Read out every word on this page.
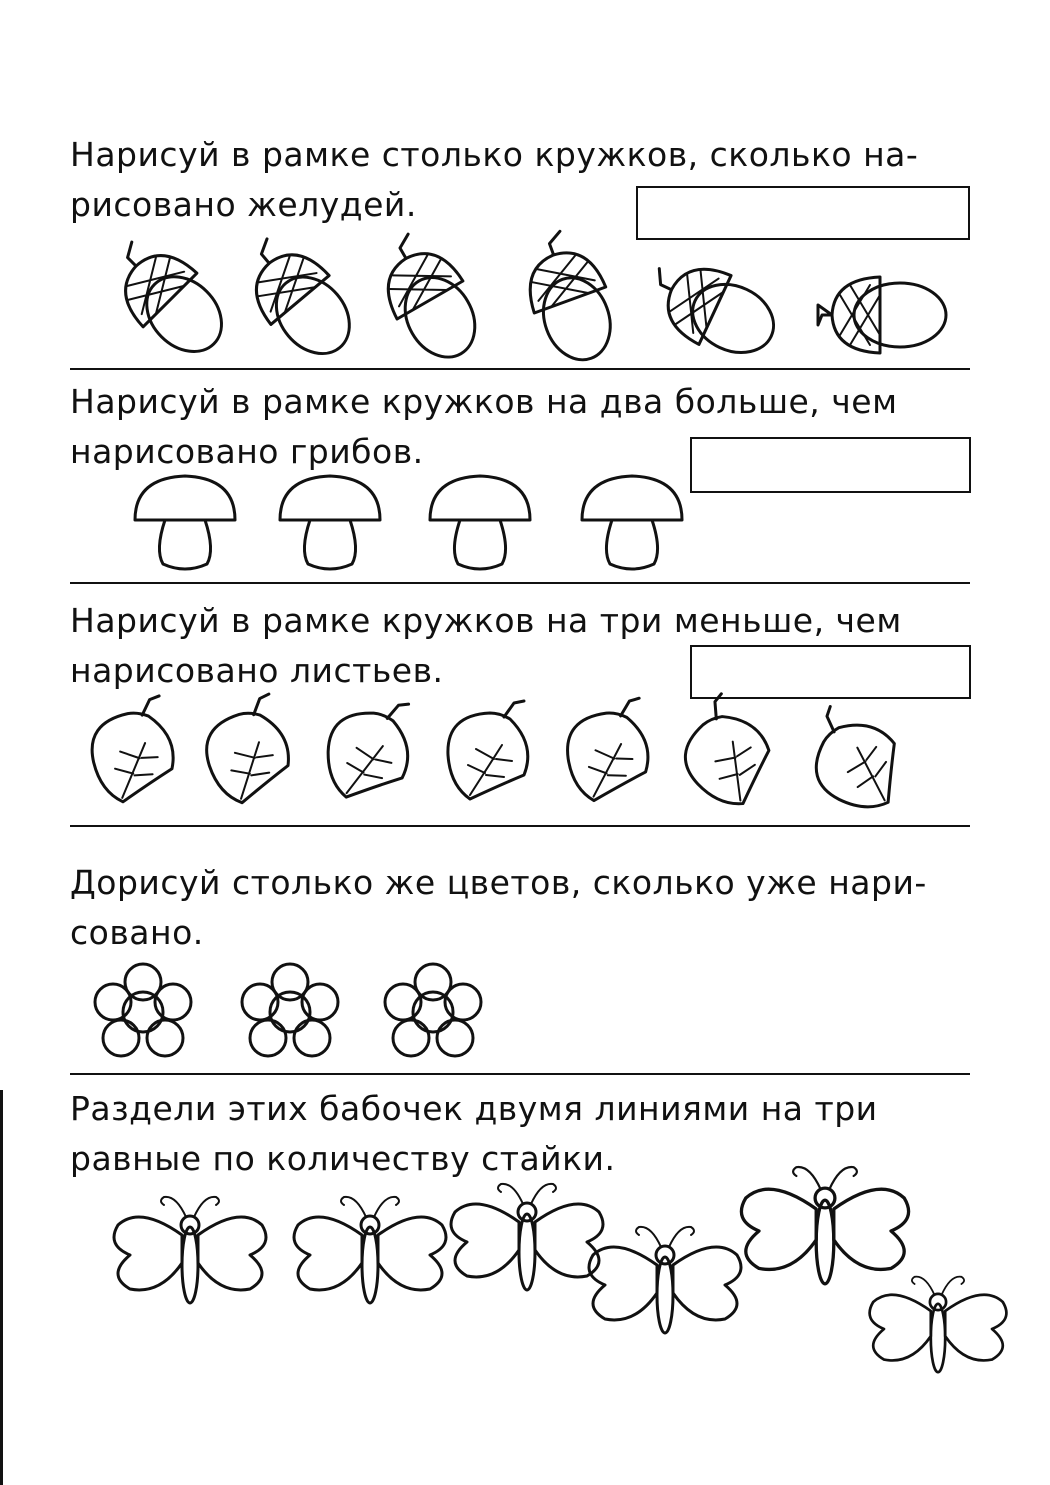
Нарисуй в рамке столько кружков, сколько на-
рисовано желудей.
Нарисуй в рамке кружков на два больше, чем
нарисовано грибов.
Нарисуй в рамке кружков на три меньше, чем
нарисовано листьев.
Дорисуй столько же цветов, сколько уже нари-
совано.
Раздели этих бабочек двумя линиями на три
равные по количеству стайки.
